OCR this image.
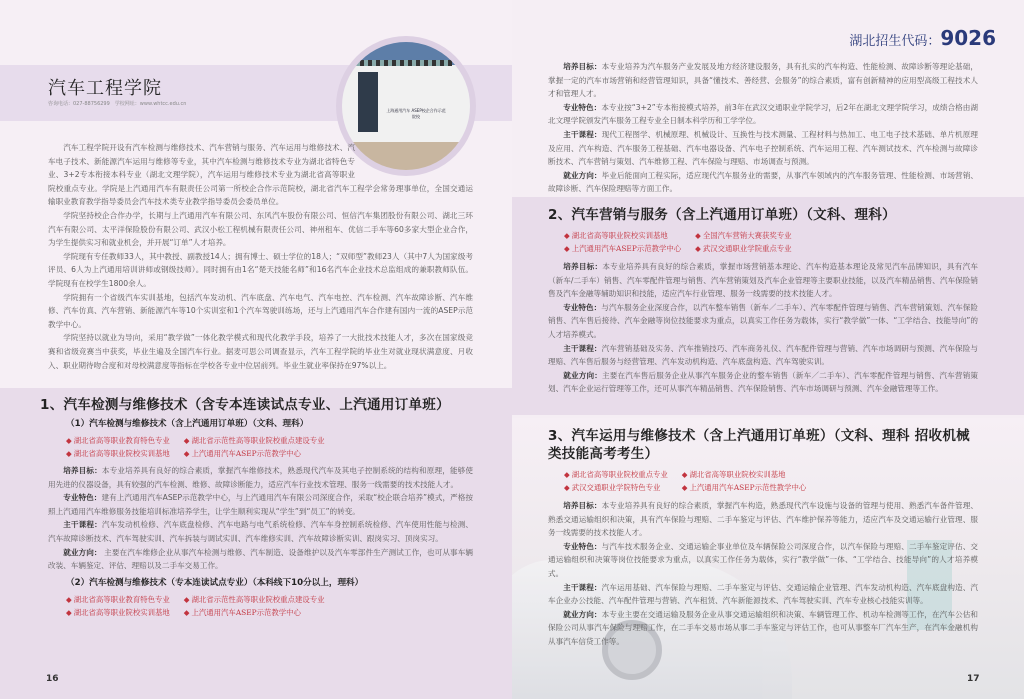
汽车工程学院
咨询电话：027-88756299　学校网址：www.whtcc.edu.cn
上海通用汽车 ASEP校企合作示范院校

汽车工程学院开设有汽车检测与维修技术、汽车营销与服务、汽车运用与维修技术、汽车电子技术、新能源汽车运用与维修等专业，其中汽车检测与维修技术专业为湖北省特色专业、3+2专本衔接本科专业（湖北文理学院），汽车运用与维修技术专业为湖北省高等职业院校重点专业。学院是上汽通用汽车有限责任公司第一所校企合作示范院校，湖北省汽车工程学会常务理事单位，全国交通运输职业教育教学指导委员会汽车技术类专业教学指导委员会委员单位。

学院坚持校企合作办学，长期与上汽通用汽车有限公司、东风汽车股份有限公司、恒信汽车集团股份有限公司、湖北三环汽车有限公司、太平洋保险股份有限公司、武汉小松工程机械有限责任公司、神州租车、优信二手车等60多家大型企业合作，为学生提供实习和就业机会，并开展“订单”人才培养。

学院现有专任教师33人，其中教授、副教授14人；拥有博士、硕士学位的18人；“双师型”教师23人（其中7人为国家级考评员、6人为上汽通用培训讲师或钢级技师）。同时拥有由1名“楚天技能名师”和16名汽车企业技术总监组成的兼职教师队伍。学院现有在校学生1800余人。

学院拥有一个省级汽车实训基地，包括汽车发动机、汽车底盘、汽车电气、汽车电控、汽车检测、汽车故障诊断、汽车维修、汽车仿真、汽车营销、新能源汽车等10个实训室和1个汽车驾驶训练场，还与上汽通用汽车合作建有国内一流的ASEP示范教学中心。

学院坚持以就业为导向，采用“教学做”一体化教学模式和现代化教学手段，培养了一大批技术技能人才，多次在国家级竞赛和省级竞赛当中获奖，毕业生遍及全国汽车行业。据麦可思公司调查显示，汽车工程学院的毕业生对就业现状满意度、月收入、职业期待吻合度和对母校满意度等指标在学校各专业中位居前列。毕业生就业率保持在97%以上。

1、汽车检测与维修技术（含专本连读试点专业、上汽通用订单班）
（1）汽车检测与维修技术（含上汽通用订单班）（文科、理科）
◆ 湖北省高等职业教育特色专业	◆ 湖北省示范性高等职业院校重点建设专业
◆ 湖北省高等职业院校实训基地	◆ 上汽通用汽车ASEP示范教学中心

培养目标：本专业培养具有良好的综合素质，掌握汽车维修技术，熟悉现代汽车及其电子控制系统的结构和原理，能够使用先进的仪器设备，具有较强的汽车检测、维修、故障诊断能力，适应汽车行业技术管理、服务一线需要的技术技能人才。

专业特色：建有上汽通用汽车ASEP示范教学中心，与上汽通用汽车有限公司深度合作，采取“校企联合培养”模式，严格按照上汽通用汽车维修服务技能培训标准培养学生，让学生顺利实现从“学生”到“员工”的转变。

主干课程：汽车发动机检修、汽车底盘检修、汽车电路与电气系统检修、汽车车身控制系统检修、汽车使用性能与检测、汽车故障诊断技术、汽车驾驶实训、汽车拆装与调试实训、汽车维修实训、汽车故障诊断实训、跟岗实习、顶岗实习。

就业方向： 主要在汽车维修企业从事汽车检测与维修、汽车制造、设备维护以及汽车零部件生产测试工作，也可从事车辆改装、车辆鉴定、评估、理赔以及二手车交易工作。

（2）汽车检测与维修技术（专本连读试点专业）（本科线下10分以上，理科）
◆ 湖北省高等职业教育特色专业	◆ 湖北省示范性高等职业院校重点建设专业
◆ 湖北省高等职业院校实训基地	◆ 上汽通用汽车ASEP示范教学中心
16
湖北招生代码：9026

培养目标：本专业培养为汽车服务产业发展及地方经济建设服务，具有扎实的汽车构造、性能检测、故障诊断等理论基础，掌握一定的汽车市场营销和经营管理知识，具备“懂技术、善经营、会服务”的综合素质，富有创新精神的应用型高级工程技术人才和管理人才。

专业特色：本专业按“3+2”专本衔接模式培养，前3年在武汉交通职业学院学习，后2年在湖北文理学院学习，成绩合格由湖北文理学院颁发汽车服务工程专业全日制本科学历和工学学位。

主干课程：现代工程图学、机械原理、机械设计、互换性与技术测量、工程材料与热加工、电工电子技术基础、单片机原理及应用、汽车构造、汽车服务工程基础、汽车电器设备、汽车电子控制系统、汽车运用工程、汽车测试技术、汽车检测与故障诊断技术、汽车营销与策划、汽车维修工程、汽车保险与理赔、市场调查与预测。

就业方向：毕业后能面向工程实际，适应现代汽车服务业的需要，从事汽车领域内的汽车服务管理、性能检测、市场营销、故障诊断、汽车保险理赔等方面工作。

2、汽车营销与服务（含上汽通用订单班）（文科、理科）
◆ 湖北省高等职业院校实训基地	◆ 全国汽车营销大赛获奖专业
◆ 上汽通用汽车ASEP示范教学中心	◆ 武汉交通职业学院重点专业

培养目标：本专业培养具有良好的综合素质，掌握市场营销基本理论、汽车构造基本理论及常见汽车品牌知识，具有汽车（新车/二手车）销售、汽车零配件管理与销售、汽车营销策划及汽车企业管理等主要职业技能，以及汽车精品销售、汽车保险销售及汽车金融等辅助知识和技能，适应汽车行业管理、服务一线需要的技术技能人才。

专业特色：与汽车服务企业深度合作，以汽车整车销售（新车／二手车）、汽车零配件管理与销售、汽车营销策划、汽车保险销售、汽车售后接待、汽车金融等岗位技能要求为重点，以真实工作任务为载体，实行“教学做”一体、“工学结合、技能导向”的人才培养模式。

主干课程：汽车营销基础及实务、汽车推销技巧、汽车商务礼仪、汽车配件管理与营销、汽车市场调研与预测、汽车保险与理赔、汽车售后服务与经营管理、汽车发动机构造、汽车底盘构造、汽车驾驶实训。

就业方向：主要在汽车售后服务企业从事汽车服务企业的整车销售（新车／二手车）、汽车零配件管理与销售、汽车营销策划、汽车企业运行管理等工作，还可从事汽车精品销售、汽车保险销售、汽车市场调研与预测、汽车金融管理等工作。

3、汽车运用与维修技术（含上汽通用订单班）（文科、理科 招收机械类技能高考考生）
◆ 湖北省高等职业院校重点专业	◆ 湖北省高等职业院校实训基地
◆ 武汉交通职业学院特色专业	◆ 上汽通用汽车ASEP示范性教学中心

培养目标：本专业培养具有良好的综合素质，掌握汽车构造，熟悉现代汽车设施与设备的管理与使用、熟悉汽车备件管理、熟悉交通运输组织和决策，具有汽车保险与理赔、二手车鉴定与评估、汽车维护保养等能力，适应汽车及交通运输行业管理、服务一线需要的技术技能人才。

专业特色：与汽车技术服务企业、交通运输企事业单位及车辆保险公司深度合作，以汽车保险与理赔、二手车鉴定评估、交通运输组织和决策等岗位技能要求为重点，以真实工作任务为载体，实行“教学做”一体、“工学结合、技能导向”的人才培养模式。

主干课程：汽车运用基础、汽车保险与理赔、二手车鉴定与评估、交通运输企业管理、汽车发动机构造、汽车底盘构造、汽车企业办公技能、汽车配件管理与营销、汽车租赁、汽车新能源技术、汽车驾驶实训、汽车专业核心技能实训等。

就业方向：本专业主要在交通运输及服务企业从事交通运输组织和决策、车辆管理工作、机动车检测等工作，在汽车公估和保险公司从事汽车保险与理赔工作，在二手车交易市场从事二手车鉴定与评估工作，也可从事整车厂汽车生产，在汽车金融机构从事汽车信贷工作等。

17
